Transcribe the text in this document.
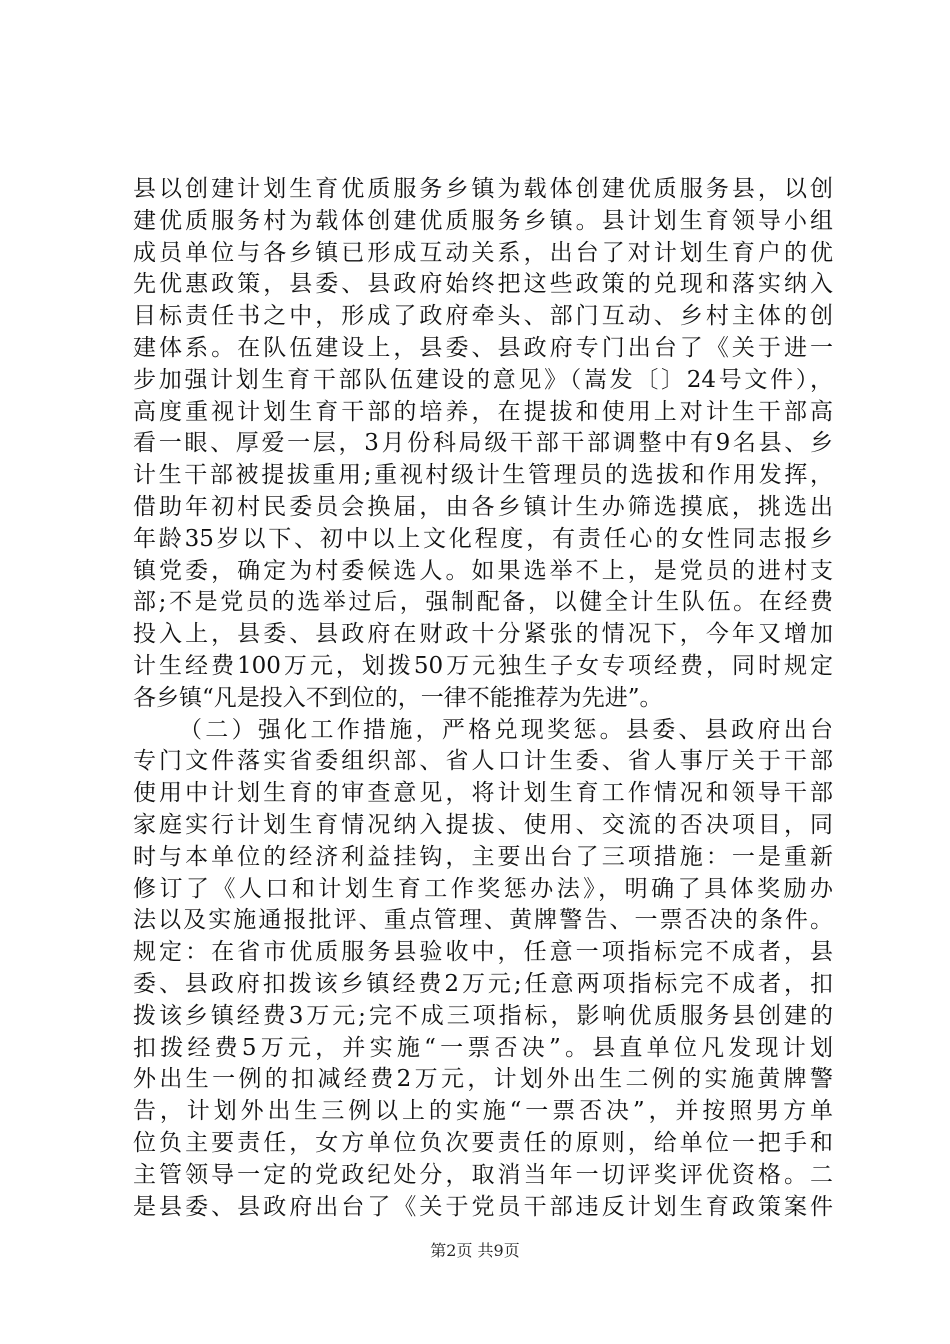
县以创建计划生育优质服务乡镇为载体创建优质服务县，以创
建优质服务村为载体创建优质服务乡镇。县计划生育领导小组
成员单位与各乡镇已形成互动关系，出台了对计划生育户的优
先优惠政策，县委、县政府始终把这些政策的兑现和落实纳入
目标责任书之中，形成了政府牵头、部门互动、乡村主体的创
建体系。在队伍建设上，县委、县政府专门出台了《关于进一
步加强计划生育干部队伍建设的意见》（嵩发〔〕24号文件），
高度重视计划生育干部的培养，在提拔和使用上对计生干部高
看一眼、厚爱一层，3月份科局级干部干部调整中有9名县、乡
计生干部被提拔重用;重视村级计生管理员的选拔和作用发挥，
借助年初村民委员会换届，由各乡镇计生办筛选摸底，挑选出
年龄35岁以下、初中以上文化程度，有责任心的女性同志报乡
镇党委，确定为村委候选人。如果选举不上，是党员的进村支
部;不是党员的选举过后，强制配备，以健全计生队伍。在经费
投入上，县委、县政府在财政十分紧张的情况下，今年又增加
计生经费100万元，划拨50万元独生子女专项经费，同时规定
各乡镇“凡是投入不到位的，一律不能推荐为先进”。
（二）强化工作措施，严格兑现奖惩。县委、县政府出台
专门文件落实省委组织部、省人口计生委、省人事厅关于干部
使用中计划生育的审查意见，将计划生育工作情况和领导干部
家庭实行计划生育情况纳入提拔、使用、交流的否决项目，同
时与本单位的经济利益挂钩，主要出台了三项措施：一是重新
修订了《人口和计划生育工作奖惩办法》，明确了具体奖励办
法以及实施通报批评、重点管理、黄牌警告、一票否决的条件。
规定：在省市优质服务县验收中，任意一项指标完不成者，县
委、县政府扣拨该乡镇经费2万元;任意两项指标完不成者，扣
拨该乡镇经费3万元;完不成三项指标，影响优质服务县创建的
扣拨经费5万元，并实施“一票否决”。县直单位凡发现计划
外出生一例的扣减经费2万元，计划外出生二例的实施黄牌警
告，计划外出生三例以上的实施“一票否决”，并按照男方单
位负主要责任，女方单位负次要责任的原则，给单位一把手和
主管领导一定的党政纪处分，取消当年一切评奖评优资格。二
是县委、县政府出台了《关于党员干部违反计划生育政策案件
第2页 共9页
